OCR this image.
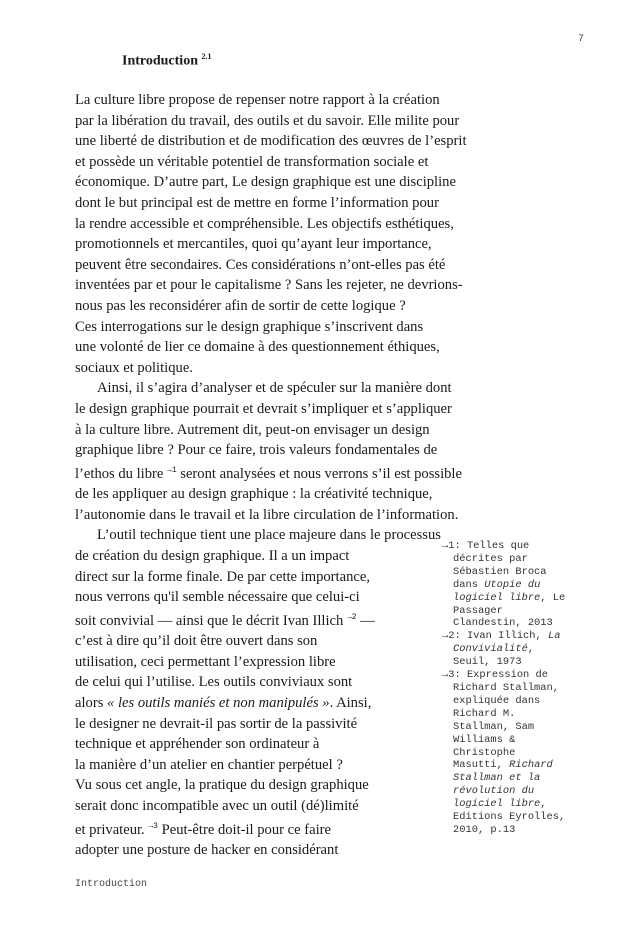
7
Introduction $^{2.1}$
La culture libre propose de repenser notre rapport à la création
par la libération du travail, des outils et du savoir. Elle milite pour
une liberté de distribution et de modification des œuvres de l’esprit
et possède un véritable potentiel de transformation sociale et
économique. D’autre part, Le design graphique est une discipline
dont le but principal est de mettre en forme l’information pour
la rendre accessible et compréhensible. Les objectifs esthétiques,
promotionnels et mercantiles, quoi qu’ayant leur importance,
peuvent être secondaires. Ces considérations n’ont-elles pas été
inventées par et pour le capitalisme ? Sans les rejeter, ne devrions-
nous pas les reconsidérer afin de sortir de cette logique ?
Ces interrogations sur le design graphique s’inscrivent dans
une volonté de lier ce domaine à des questionnement éthiques,
sociaux et politique.
Ainsi, il s’agira d’analyser et de spéculer sur la manière dont
le design graphique pourrait et devrait s’impliquer et s’appliquer
à la culture libre. Autrement dit, peut-on envisager un design
graphique libre ? Pour ce faire, trois valeurs fondamentales de
l’ethos du libre $^{\to 1}$ seront analysées et nous verrons s’il est possible
de les appliquer au design graphique : la créativité technique,
l’autonomie dans le travail et la libre circulation de l’information.
L’outil technique tient une place majeure dans le processus
de création du design graphique. Il a un impact
direct sur la forme finale. De par cette importance,
nous verrons qu'il semble nécessaire que celui-ci
soit convivial — ainsi que le décrit Ivan Illich $^{\to 2}$ —
c’est à dire qu’il doit être ouvert dans son
utilisation, ceci permettant l’expression libre
de celui qui l’utilise. Les outils conviviaux sont
alors « les outils maniés et non manipulés ». Ainsi,
le designer ne devrait-il pas sortir de la passivité
technique et appréhender son ordinateur à
la manière d’un atelier en chantier perpétuel ?
Vu sous cet angle, la pratique du design graphique
serait donc incompatible avec un outil (dé)limité
et privateur. $^{\to 3}$ Peut-être doit-il pour ce faire
adopter une posture de hacker en considérant
→1: Telles que
décrites par
Sébastien Broca
dans Utopie du
logiciel libre, Le
Passager
Clandestin, 2013
→2: Ivan Illich, La
Convivialité,
Seuil, 1973
→3: Expression de
Richard Stallman,
expliquée dans
Richard M.
Stallman, Sam
Williams &
Christophe
Masutti, Richard
Stallman et la
révolution du
logiciel libre,
Editions Eyrolles,
2010, p.13
Introduction
